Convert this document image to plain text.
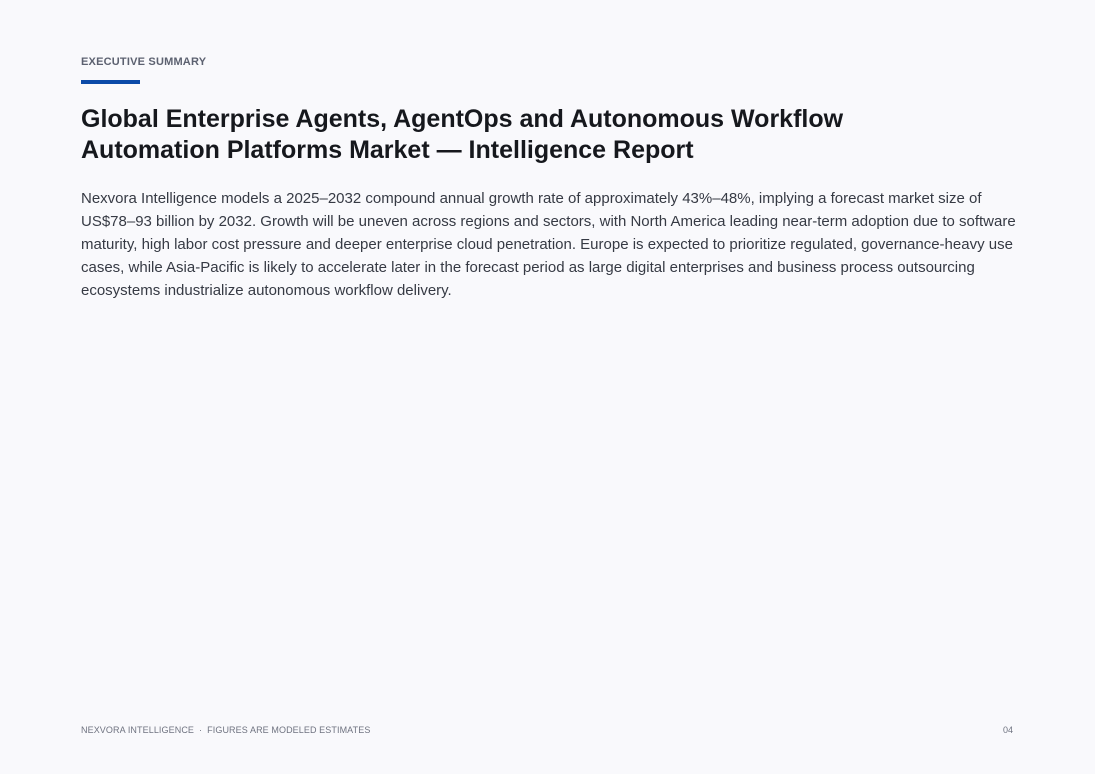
EXECUTIVE SUMMARY
Global Enterprise Agents, AgentOps and Autonomous Workflow Automation Platforms Market — Intelligence Report

Nexvora Intelligence models a 2025–2032 compound annual growth rate of approximately 43%–48%, implying a forecast market size of US$78–93 billion by 2032. Growth will be uneven across regions and sectors, with North America leading near-term adoption due to software maturity, high labor cost pressure and deeper enterprise cloud penetration. Europe is expected to prioritize regulated, governance-heavy use cases, while Asia-Pacific is likely to accelerate later in the forecast period as large digital enterprises and business process outsourcing ecosystems industrialize autonomous workflow delivery.

NEXVORA INTELLIGENCE · FIGURES ARE MODELED ESTIMATES	04
